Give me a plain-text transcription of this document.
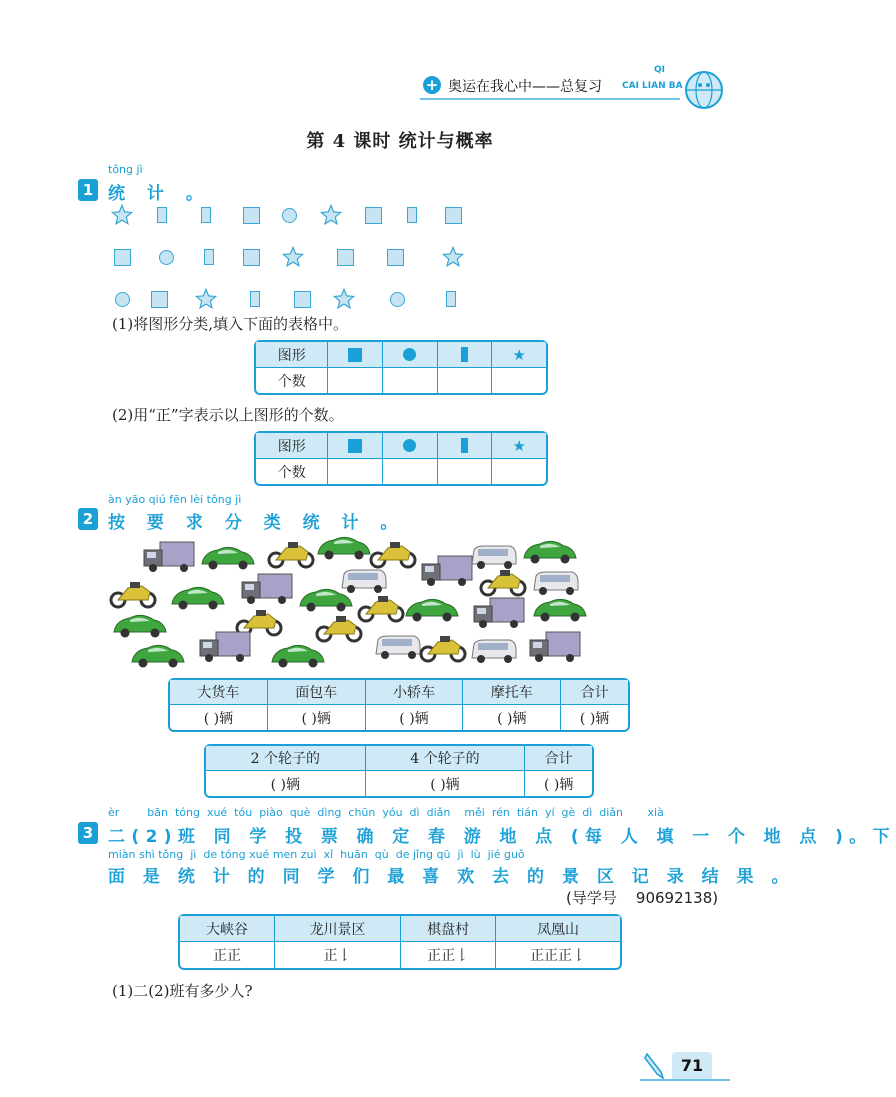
+ 奥运在我心中——总复习
QI
CAI LIAN BA
第 4 课时 统计与概率
tǒng jì
1 统 计 。
(1)将图形分类,填入下面的表格中。
图形				★
个数				
(2)用“正”字表示以上图形的个数。
图形				★
个数				
àn yāo qiú fēn lèi tǒng jì
2 按 要 求 分 类 统 计 。
大货车	面包车	小轿车	摩托车	合计
( )辆	( )辆	( )辆	( )辆	( )辆
2 个轮子的	4 个轮子的	合计
( )辆	( )辆	( )辆
èr        bān  tóng  xué  tóu  piào  què  dìng  chūn  yóu  dì  diǎn    měi  rén  tián  yí  gè  dì  diǎn       xià
3 二(2)班 同 学 投 票 确 定 春 游 地 点 (每 人 填 一 个 地 点 )。下
miàn shì tǒng  jì  de tóng xué men zuì  xǐ  huān  qù  de jǐng qū  jì  lù  jié guǒ
面 是 统 计 的 同 学 们 最 喜 欢 去 的 景 区 记 录 结 果 。
(导学号    90692138)
大峡谷	龙川景区	棋盘村	凤凰山
正正	正𠄌	正正𠄌	正正正𠄌
(1)二(2)班有多少人?
71
